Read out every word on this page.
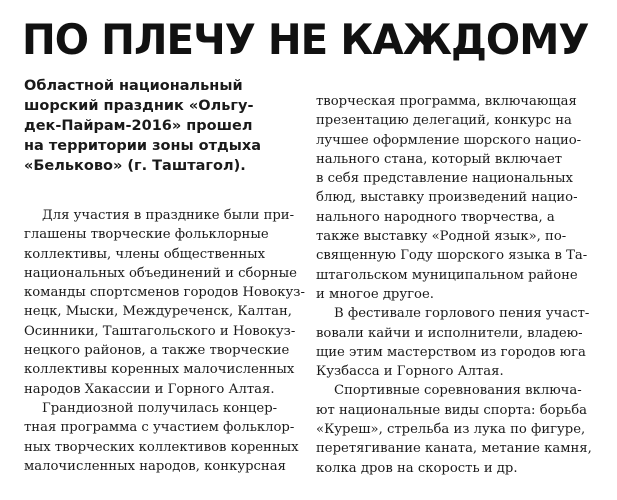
ПО ПЛЕЧУ НЕ КАЖДОМУ
Областной национальный
шорский праздник «Ольгу-
дек-Пайрам-2016» прошел
на территории зоны отдыха
«Бельково» (г. Таштагол).
Для участия в празднике были при-
глашены творческие фольклорные
коллективы, члены общественных
национальных объединений и сборные
команды спортсменов городов Новокуз-
нецк, Мыски, Междуреченск, Калтан,
Осинники, Таштагольского и Новокуз-
нецкого районов, а также творческие
коллективы коренных малочисленных
народов Хакассии и Горного Алтая.
Грандиозной получилась концер-
тная программа с участием фольклор-
ных творческих коллективов коренных
малочисленных народов, конкурсная
творческая программа, включающая
презентацию делегаций, конкурс на
лучшее оформление шорского нацио-
нального стана, который включает
в себя представление национальных
блюд, выставку произведений нацио-
нального народного творчества, а
также выставку «Родной язык», по-
священную Году шорского языка в Та-
штагольском муниципальном районе
и многое другое.
В фестивале горлового пения участ-
вовали кайчи и исполнители, владею-
щие этим мастерством из городов юга
Кузбасса и Горного Алтая.
Спортивные соревнования включа-
ют национальные виды спорта: борьба
«Куреш», стрельба из лука по фигуре,
перетягивание каната, метание камня,
колка дров на скорость и др.
